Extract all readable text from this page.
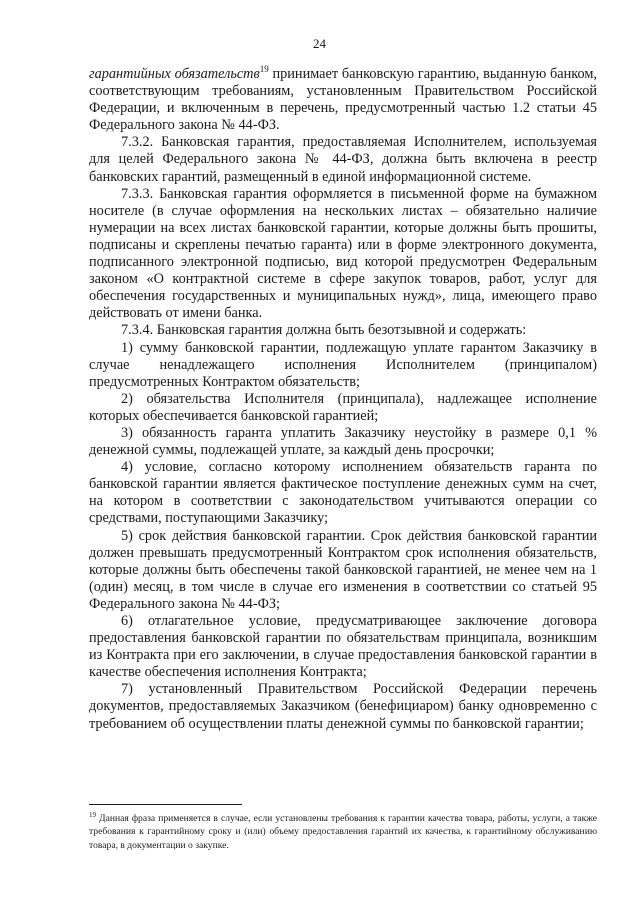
24

гарантийных обязательств$^{19}$ принимает банковскую гарантию, выданную банком, соответствующим требованиям, установленным Правительством Российской Федерации, и включенным в перечень, предусмотренный частью 1.2 статьи 45 Федерального закона № 44-ФЗ.

7.3.2. Банковская гарантия, предоставляемая Исполнителем, используемая для целей Федерального закона № 44-ФЗ, должна быть включена в реестр банковских гарантий, размещенный в единой информационной системе.

7.3.3. Банковская гарантия оформляется в письменной форме на бумажном носителе (в случае оформления на нескольких листах – обязательно наличие нумерации на всех листах банковской гарантии, которые должны быть прошиты, подписаны и скреплены печатью гаранта) или в форме электронного документа, подписанного электронной подписью, вид которой предусмотрен Федеральным законом «О контрактной системе в сфере закупок товаров, работ, услуг для обеспечения государственных и муниципальных нужд», лица, имеющего право действовать от имени банка.

7.3.4. Банковская гарантия должна быть безотзывной и содержать:

1) сумму банковской гарантии, подлежащую уплате гарантом Заказчику в случае ненадлежащего исполнения Исполнителем (принципалом) предусмотренных Контрактом обязательств;

2) обязательства Исполнителя (принципала), надлежащее исполнение которых обеспечивается банковской гарантией;

3) обязанность гаранта уплатить Заказчику неустойку в размере 0,1 % денежной суммы, подлежащей уплате, за каждый день просрочки;

4) условие, согласно которому исполнением обязательств гаранта по банковской гарантии является фактическое поступление денежных сумм на счет, на котором в соответствии с законодательством учитываются операции со средствами, поступающими Заказчику;

5) срок действия банковской гарантии. Срок действия банковской гарантии должен превышать предусмотренный Контрактом срок исполнения обязательств, которые должны быть обеспечены такой банковской гарантией, не менее чем на 1 (один) месяц, в том числе в случае его изменения в соответствии со статьей 95 Федерального закона № 44-ФЗ;

6) отлагательное условие, предусматривающее заключение договора предоставления банковской гарантии по обязательствам принципала, возникшим из Контракта при его заключении, в случае предоставления банковской гарантии в качестве обеспечения исполнения Контракта;

7) установленный Правительством Российской Федерации перечень документов, предоставляемых Заказчиком (бенефициаром) банку одновременно с требованием об осуществлении платы денежной суммы по банковской гарантии;

$^{19}$ Данная фраза применяется в случае, если установлены требования к гарантии качества товара, работы, услуги, а также требования к гарантийному сроку и (или) объему предоставления гарантий их качества, к гарантийному обслуживанию товара, в документации о закупке.
